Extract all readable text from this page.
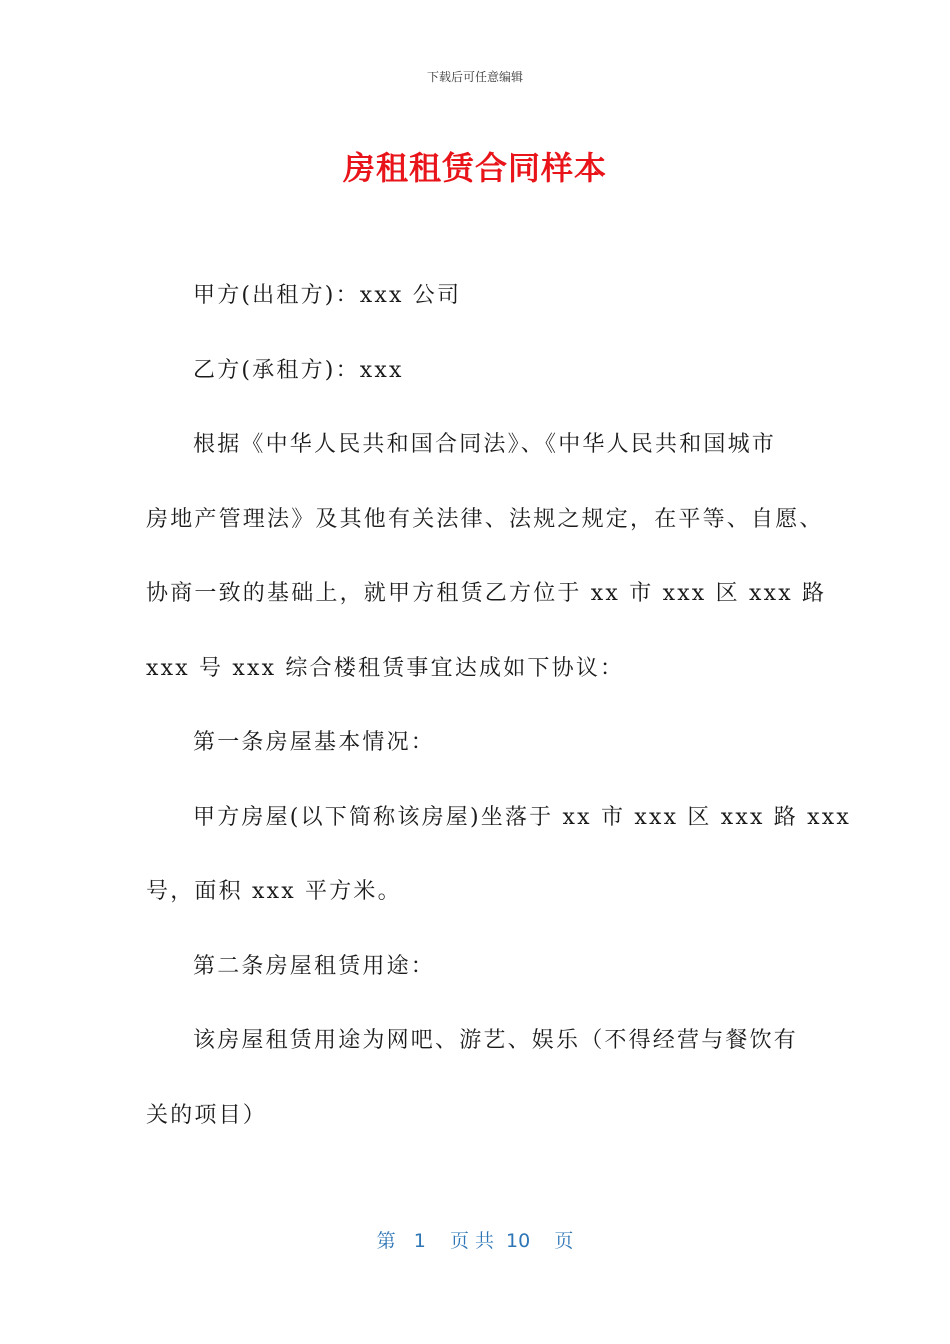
下载后可任意编辑
房租租赁合同样本
甲方(出租方)：xxx 公司
乙方(承租方)：xxx
根据《中华人民共和国合同法》、《中华人民共和国城市
房地产管理法》及其他有关法律、法规之规定，在平等、自愿、
协商一致的基础上，就甲方租赁乙方位于 xx 市 xxx 区 xxx 路
xxx 号 xxx 综合楼租赁事宜达成如下协议：
第一条房屋基本情况：
甲方房屋(以下简称该房屋)坐落于 xx 市 xxx 区 xxx 路 xxx
号，面积 xxx 平方米。
第二条房屋租赁用途：
该房屋租赁用途为网吧、游艺、娱乐（不得经营与餐饮有
关的项目）
第   1    页 共  10    页
